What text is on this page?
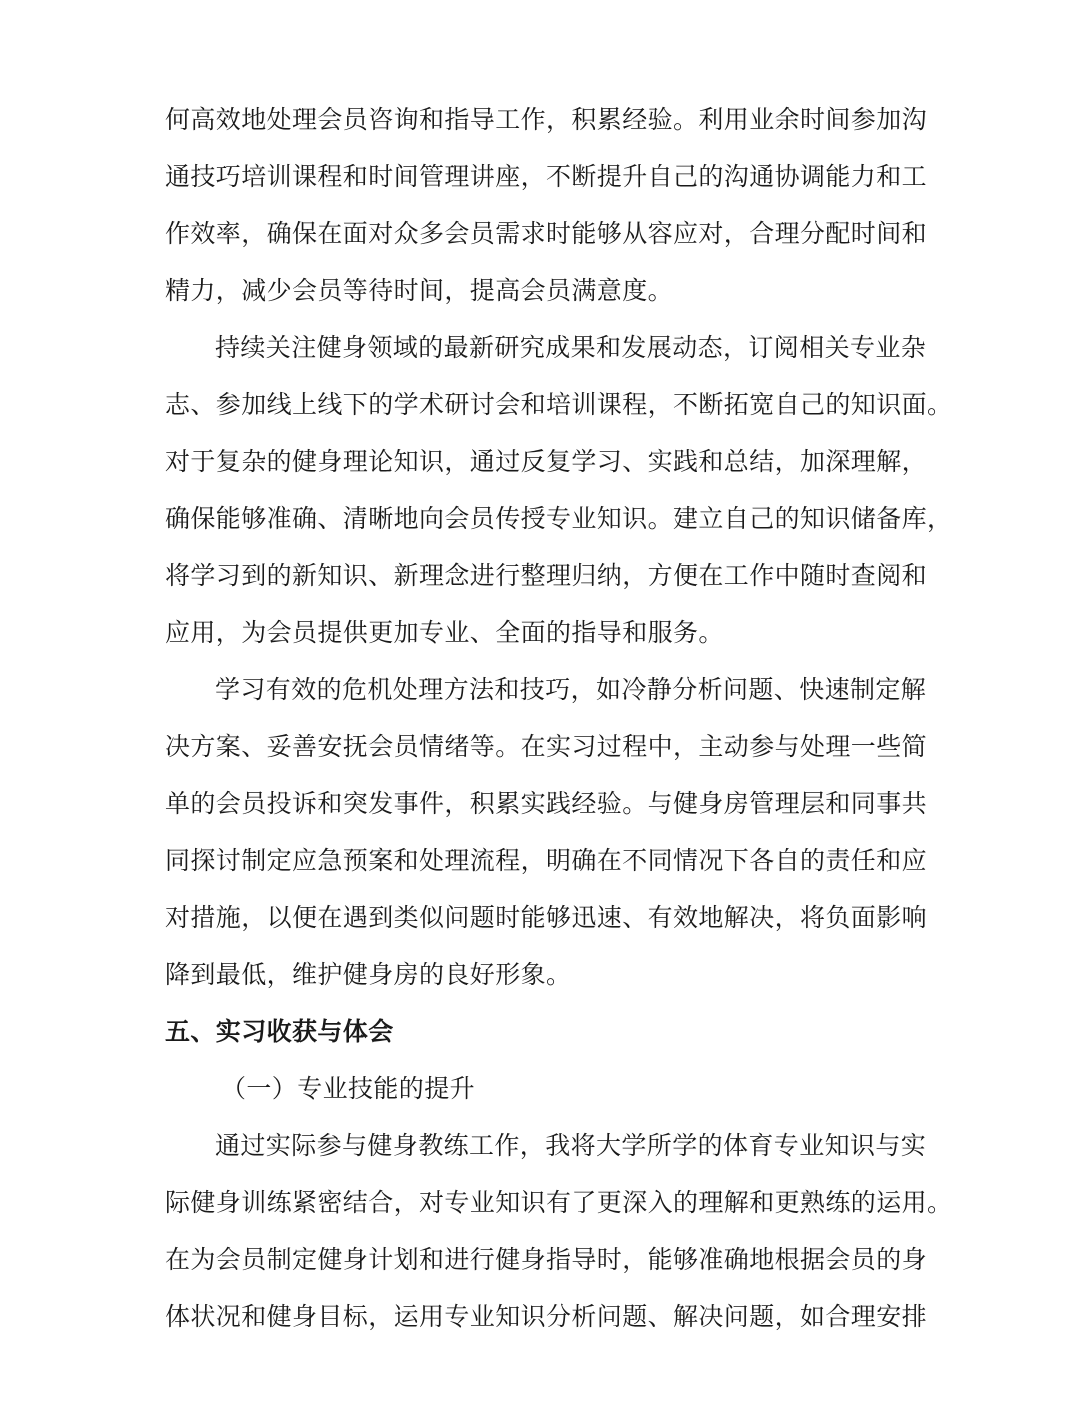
何高效地处理会员咨询和指导工作，积累经验。利用业余时间参加沟
通技巧培训课程和时间管理讲座，不断提升自己的沟通协调能力和工
作效率，确保在面对众多会员需求时能够从容应对，合理分配时间和
精力，减少会员等待时间，提高会员满意度。
持续关注健身领域的最新研究成果和发展动态，订阅相关专业杂
志、参加线上线下的学术研讨会和培训课程，不断拓宽自己的知识面。
对于复杂的健身理论知识，通过反复学习、实践和总结，加深理解，
确保能够准确、清晰地向会员传授专业知识。建立自己的知识储备库，
将学习到的新知识、新理念进行整理归纳，方便在工作中随时查阅和
应用，为会员提供更加专业、全面的指导和服务。
学习有效的危机处理方法和技巧，如冷静分析问题、快速制定解
决方案、妥善安抚会员情绪等。在实习过程中，主动参与处理一些简
单的会员投诉和突发事件，积累实践经验。与健身房管理层和同事共
同探讨制定应急预案和处理流程，明确在不同情况下各自的责任和应
对措施，以便在遇到类似问题时能够迅速、有效地解决，将负面影响
降到最低，维护健身房的良好形象。
五、实习收获与体会
（一）专业技能的提升
通过实际参与健身教练工作，我将大学所学的体育专业知识与实
际健身训练紧密结合，对专业知识有了更深入的理解和更熟练的运用。
在为会员制定健身计划和进行健身指导时，能够准确地根据会员的身
体状况和健身目标，运用专业知识分析问题、解决问题，如合理安排
